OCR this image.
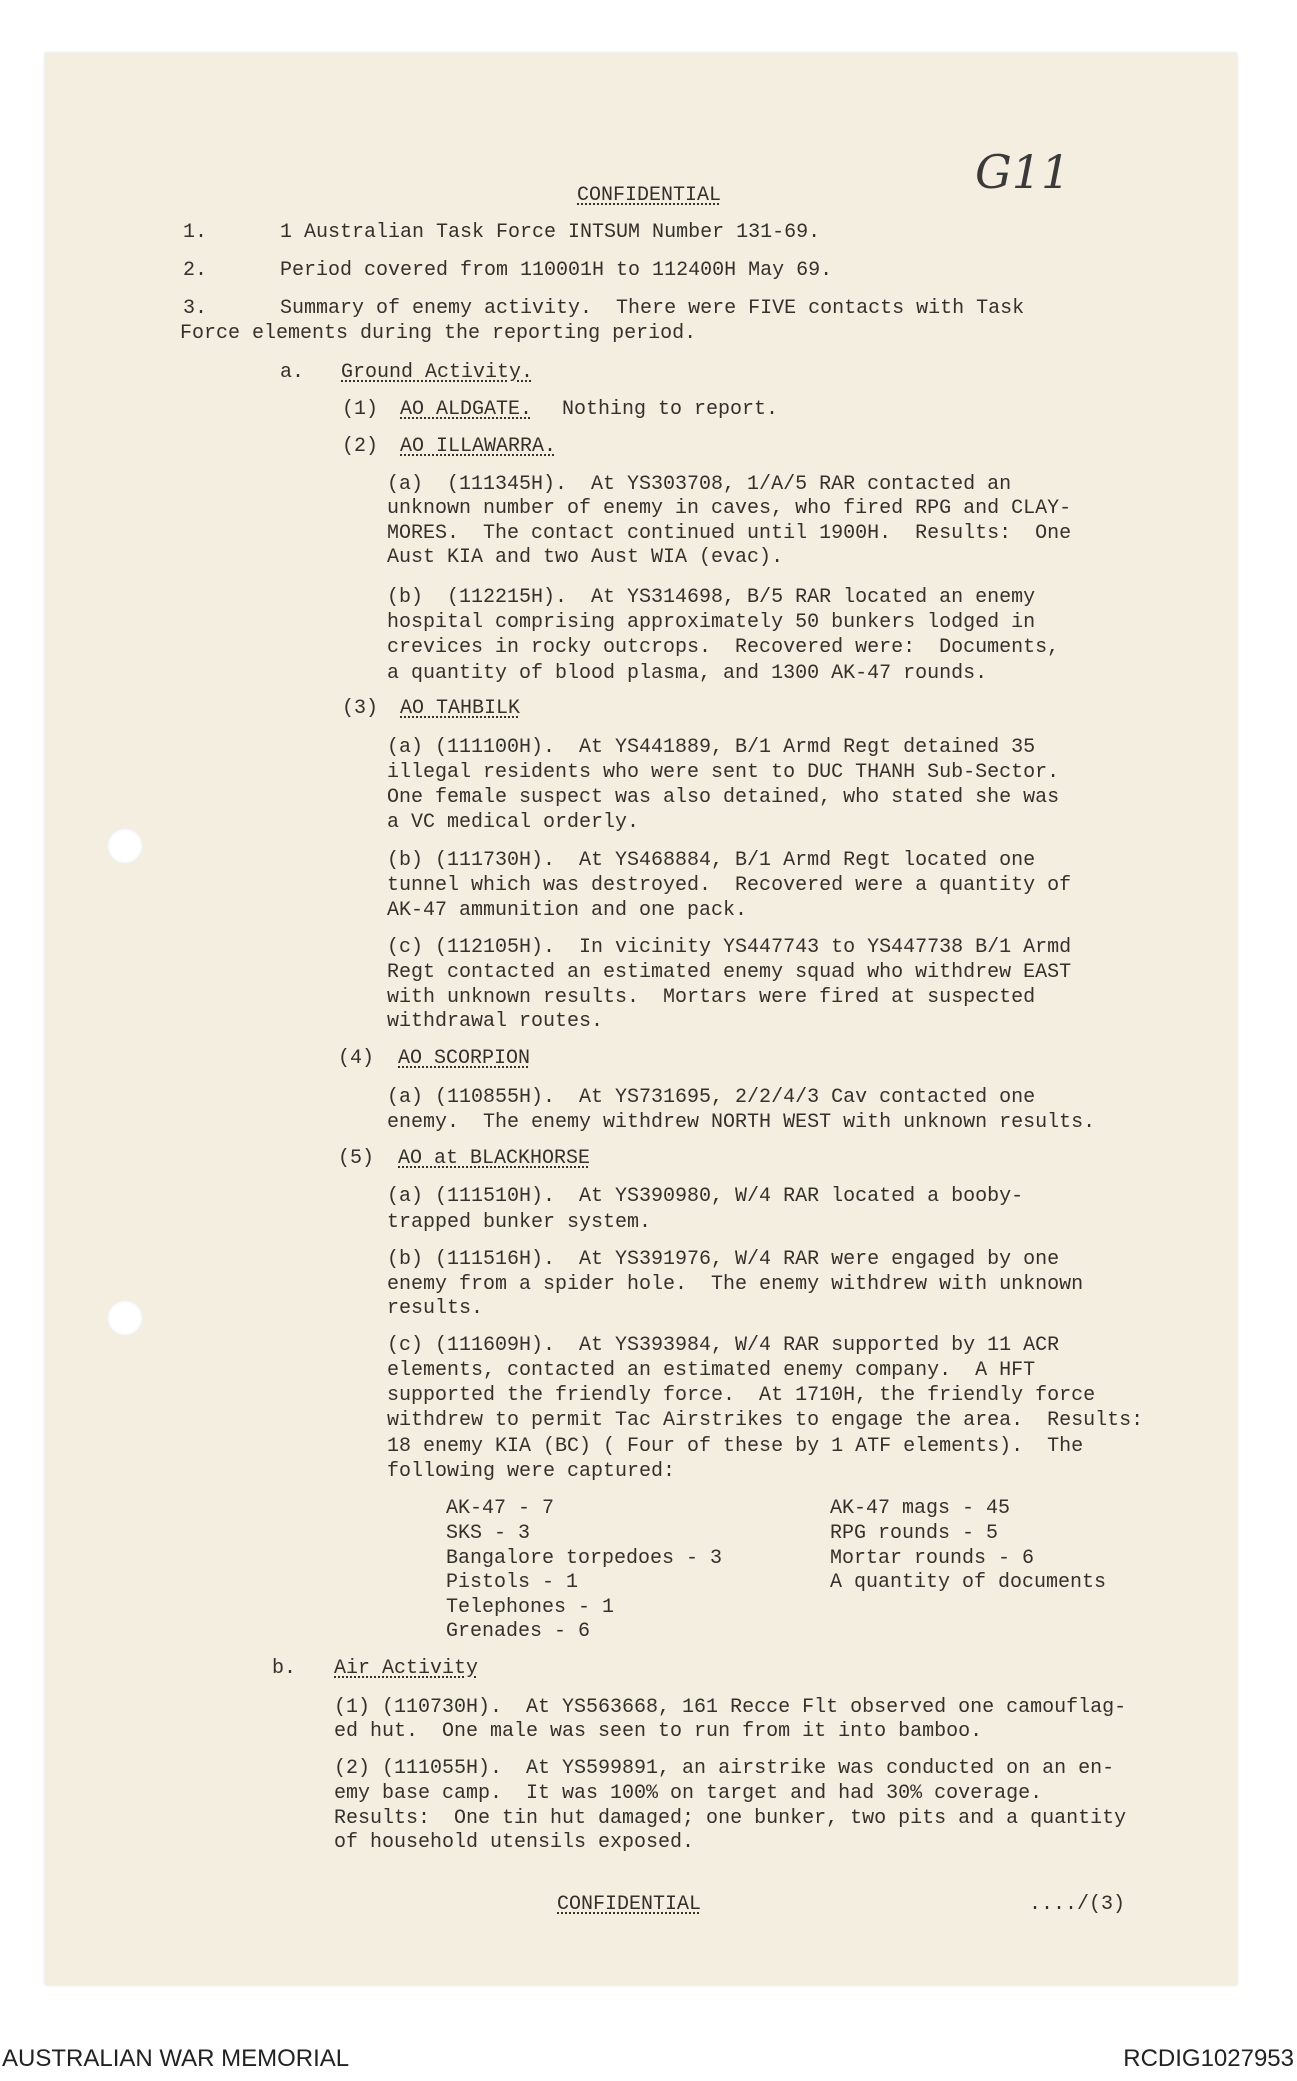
G11
CONFIDENTIAL
1.	1 Australian Task Force INTSUM Number 131-69.
2.	Period covered from 110001H to 112400H May 69.
3.	Summary of enemy activity.  There were FIVE contacts with Task
Force elements during the reporting period.
a. Ground Activity.
(1) AO ALDGATE. Nothing to report.
(2) AO ILLAWARRA.
(a)  (111345H).  At YS303708, 1/A/5 RAR contacted an
unknown number of enemy in caves, who fired RPG and CLAY-
MORES.  The contact continued until 1900H.  Results:  One
Aust KIA and two Aust WIA (evac).
(b)  (112215H).  At YS314698, B/5 RAR located an enemy
hospital comprising approximately 50 bunkers lodged in
crevices in rocky outcrops.  Recovered were:  Documents,
a quantity of blood plasma, and 1300 AK-47 rounds.
(3) AO TAHBILK
(a) (111100H).  At YS441889, B/1 Armd Regt detained 35
illegal residents who were sent to DUC THANH Sub-Sector.
One female suspect was also detained, who stated she was
a VC medical orderly.
(b) (111730H).  At YS468884, B/1 Armd Regt located one
tunnel which was destroyed.  Recovered were a quantity of
AK-47 ammunition and one pack.
(c) (112105H).  In vicinity YS447743 to YS447738 B/1 Armd
Regt contacted an estimated enemy squad who withdrew EAST
with unknown results.  Mortars were fired at suspected
withdrawal routes.
(4) AO SCORPION
(a) (110855H).  At YS731695, 2/2/4/3 Cav contacted one
enemy.  The enemy withdrew NORTH WEST with unknown results.
(5) AO at BLACKHORSE
(a) (111510H).  At YS390980, W/4 RAR located a booby-
trapped bunker system.
(b) (111516H).  At YS391976, W/4 RAR were engaged by one
enemy from a spider hole.  The enemy withdrew with unknown
results.
(c) (111609H).  At YS393984, W/4 RAR supported by 11 ACR
elements, contacted an estimated enemy company.  A HFT
supported the friendly force.  At 1710H, the friendly force
withdrew to permit Tac Airstrikes to engage the area.  Results:
18 enemy KIA (BC) ( Four of these by 1 ATF elements).  The
following were captured:
AK-47 - 7
SKS - 3
Bangalore torpedoes - 3
Pistols - 1
Telephones - 1
Grenades - 6
AK-47 mags - 45
RPG rounds - 5
Mortar rounds - 6
A quantity of documents
b. Air Activity
(1) (110730H).  At YS563668, 161 Recce Flt observed one camouflag-
ed hut.  One male was seen to run from it into bamboo.
(2) (111055H).  At YS599891, an airstrike was conducted on an en-
emy base camp.  It was 100% on target and had 30% coverage.
Results:  One tin hut damaged; one bunker, two pits and a quantity
of household utensils exposed.
CONFIDENTIAL	..../(3)
AUSTRALIAN WAR MEMORIAL	RCDIG1027953
